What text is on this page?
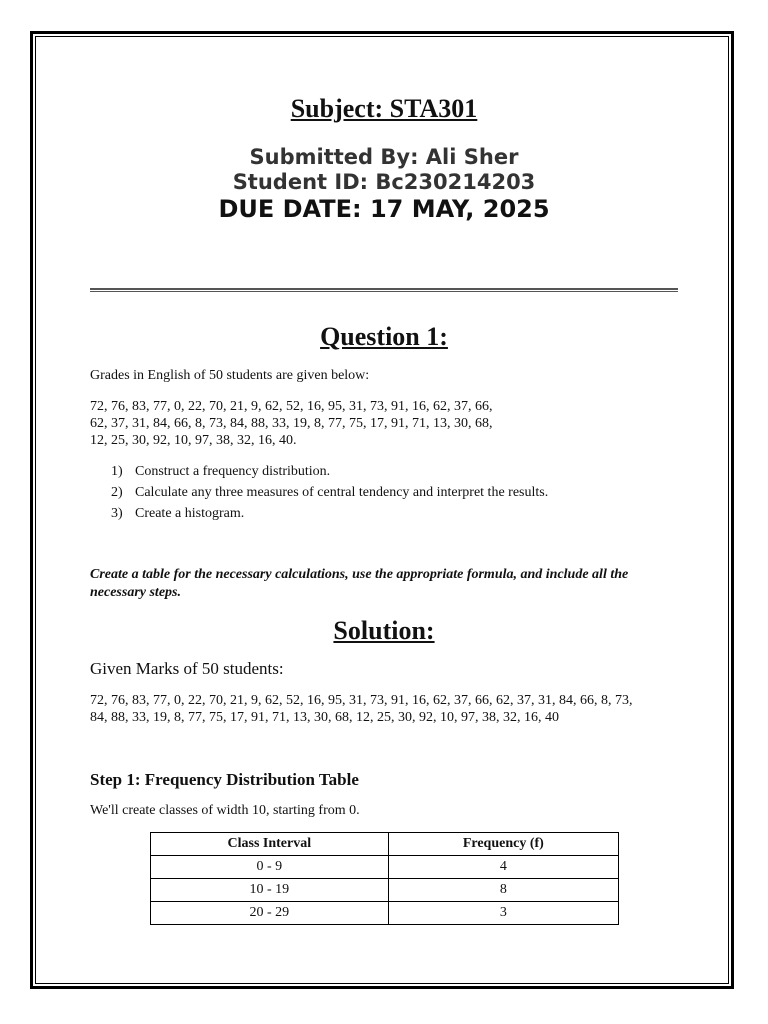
Subject: STA301
Submitted By: Ali Sher
Student ID: Bc230214203
DUE DATE: 17 MAY, 2025
Question 1:
Grades in English of 50 students are given below:
72, 76, 83, 77, 0, 22, 70, 21, 9, 62, 52, 16, 95, 31, 73, 91, 16, 62, 37, 66,
62, 37, 31, 84, 66, 8, 73, 84, 88, 33, 19, 8, 77, 75, 17, 91, 71, 13, 30, 68,
12, 25, 30, 92, 10, 97, 38, 32, 16, 40.
1) Construct a frequency distribution.
2) Calculate any three measures of central tendency and interpret the results.
3) Create a histogram.
Create a table for the necessary calculations, use the appropriate formula, and include all the
necessary steps.
Solution:
Given Marks of 50 students:
72, 76, 83, 77, 0, 22, 70, 21, 9, 62, 52, 16, 95, 31, 73, 91, 16, 62, 37, 66, 62, 37, 31, 84, 66, 8, 73,
84, 88, 33, 19, 8, 77, 75, 17, 91, 71, 13, 30, 68, 12, 25, 30, 92, 10, 97, 38, 32, 16, 40
Step 1: Frequency Distribution Table
We'll create classes of width 10, starting from 0.
Class Interval	Frequency (f)
0 - 9	4
10 - 19	8
20 - 29	3
